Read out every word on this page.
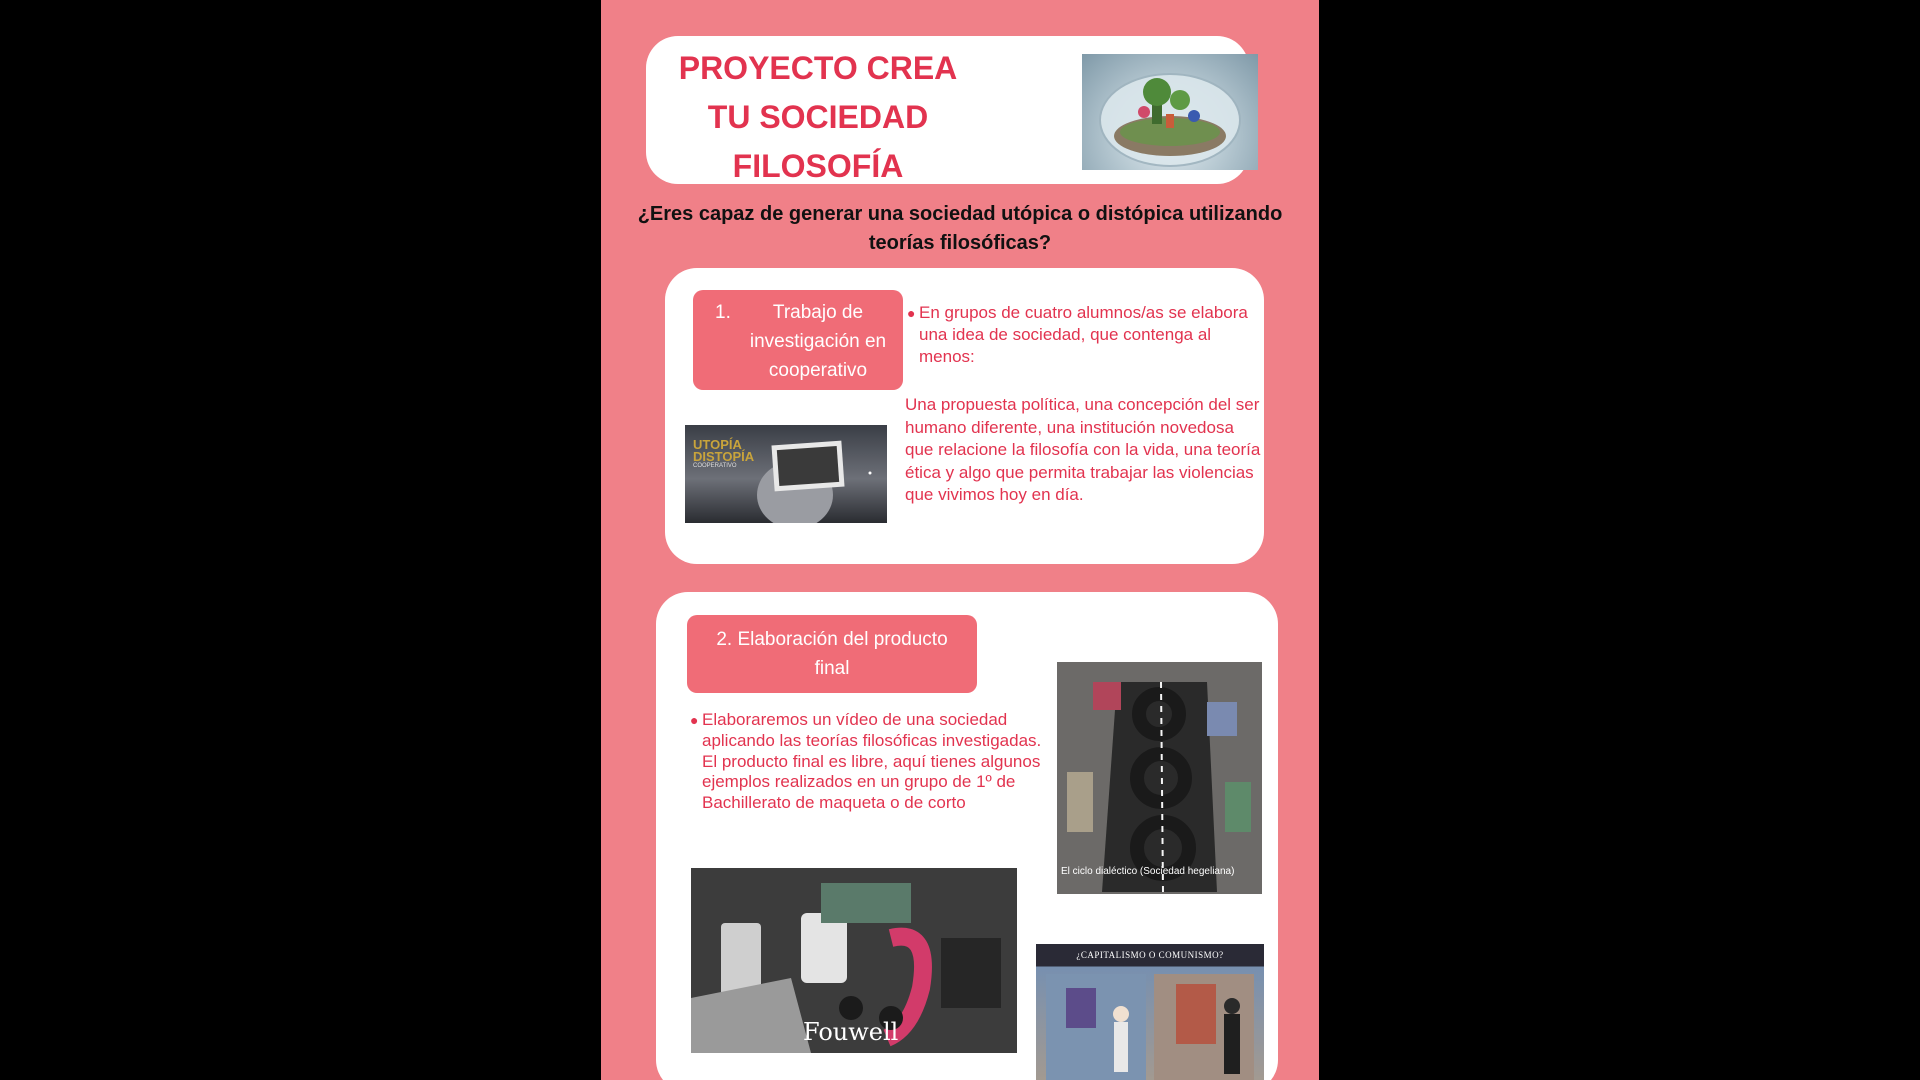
PROYECTO CREA
TU SOCIEDAD
FILOSOFÍA
¿Eres capaz de generar una sociedad utópica o distópica utilizando teorías filosóficas?
1.	Trabajo de
investigación en
cooperativo
● En grupos de cuatro alumnos/as se elabora una idea de sociedad, que contenga al menos:
Una propuesta política, una concepción del ser humano diferente, una institución novedosa que relacione la filosofía con la vida, una teoría ética y algo que permita trabajar las violencias que vivimos hoy en día.
UTOPÍA
DISTOPÍA
COOPERATIVO
2. Elaboración del producto
final
● Elaboraremos un vídeo de una sociedad aplicando las teorías filosóficas investigadas. El producto final es libre, aquí tienes algunos ejemplos realizados en un grupo de 1º de Bachillerato de maqueta o de corto
El ciclo dialéctico (Sociedad hegeliana)
Fouwell
¿CAPITALISMO O COMUNISMO?
